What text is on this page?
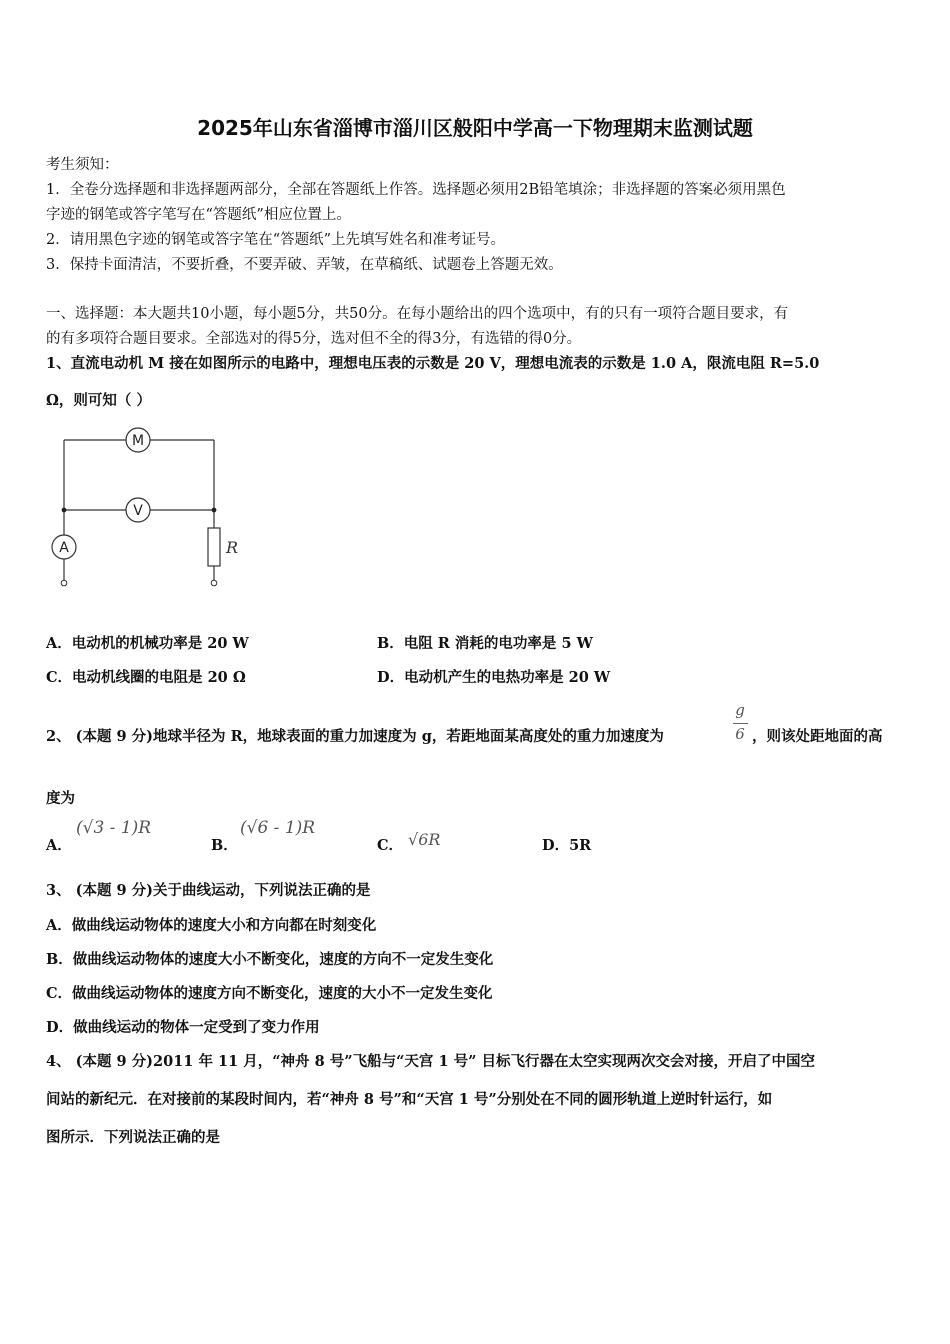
2025年山东省淄博市淄川区般阳中学高一下物理期末监测试题
考生须知：
1．全卷分选择题和非选择题两部分，全部在答题纸上作答。选择题必须用2B铅笔填涂；非选择题的答案必须用黑色
字迹的钢笔或答字笔写在“答题纸”相应位置上。
2．请用黑色字迹的钢笔或答字笔在“答题纸”上先填写姓名和准考证号。
3．保持卡面清洁，不要折叠，不要弄破、弄皱，在草稿纸、试题卷上答题无效。
一、选择题：本大题共10小题，每小题5分，共50分。在每小题给出的四个选项中，有的只有一项符合题目要求，有
的有多项符合题目要求。全部选对的得5分，选对但不全的得3分，有选错的得0分。
1、直流电动机 M 接在如图所示的电路中，理想电压表的示数是 20 V，理想电流表的示数是 1.0 A，限流电阻 R=5.0
Ω，则可知（ ）
M
V
A	R
A．电动机的机械功率是 20 W	B．电阻 R 消耗的电功率是 5 W
C．电动机线圈的电阻是 20 Ω	D．电动机产生的电热功率是 20 W
2、 (本题 9 分)地球半径为 R，地球表面的重力加速度为 g，若距地面某高度处的重力加速度为
g
6 ，则该处距地面的高
度为
A．
(√3 - 1)R
B．
(√6 - 1)R
C． √6R	D．5R
3、 (本题 9 分)关于曲线运动，下列说法正确的是
A．做曲线运动物体的速度大小和方向都在时刻变化
B．做曲线运动物体的速度大小不断变化，速度的方向不一定发生变化
C．做曲线运动物体的速度方向不断变化，速度的大小不一定发生变化
D．做曲线运动的物体一定受到了变力作用
4、 (本题 9 分)2011 年 11 月，“神舟 8 号”飞船与“天宫 1 号” 目标飞行器在太空实现两次交会对接，开启了中国空
间站的新纪元．在对接前的某段时间内，若“神舟 8 号”和“天宫 1 号”分别处在不同的圆形轨道上逆时针运行，如
图所示．下列说法正确的是
